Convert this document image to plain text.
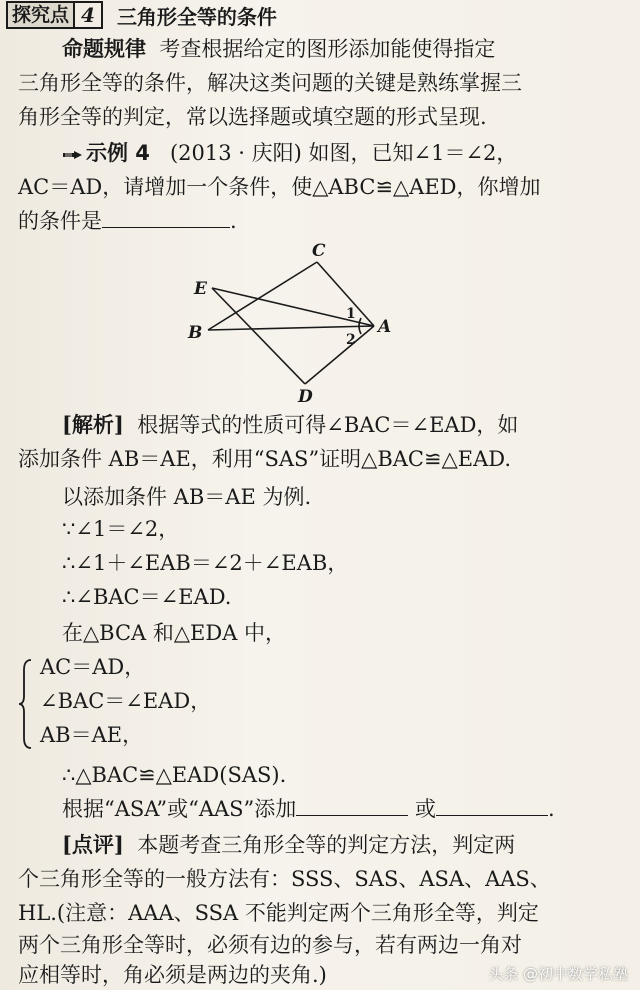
探究点 4	三角形全等的条件
命题规律 考查根据给定的图形添加能使得指定
三角形全等的条件，解决这类问题的关键是熟练掌握三
角形全等的判定，常以选择题或填空题的形式呈现.
示例 4 (2013 · 庆阳) 如图，已知∠1＝∠2，
AC＝AD，请增加一个条件，使△ABC≌△AED，你增加
的条件是	.
C
E
B	A
D
1
2
[解析] 根据等式的性质可得∠BAC＝∠EAD，如
添加条件 AB＝AE，利用“SAS”证明△BAC≌△EAD.
以添加条件 AB＝AE 为例.
∵∠1＝∠2，
∴∠1＋∠EAB＝∠2＋∠EAB，
∴∠BAC＝∠EAD.
在△BCA 和△EDA 中，
AC＝AD，
∠BAC＝∠EAD，
AB＝AE，
∴△BAC≌△EAD(SAS).
根据“ASA”或“AAS”添加	或	.
[点评] 本题考查三角形全等的判定方法，判定两
个三角形全等的一般方法有：SSS、SAS、ASA、AAS、
HL.(注意：AAA、SSA 不能判定两个三角形全等，判定
两个三角形全等时，必须有边的参与，若有两边一角对
应相等时，角必须是两边的夹角.)	头条 @初中数学私塾
